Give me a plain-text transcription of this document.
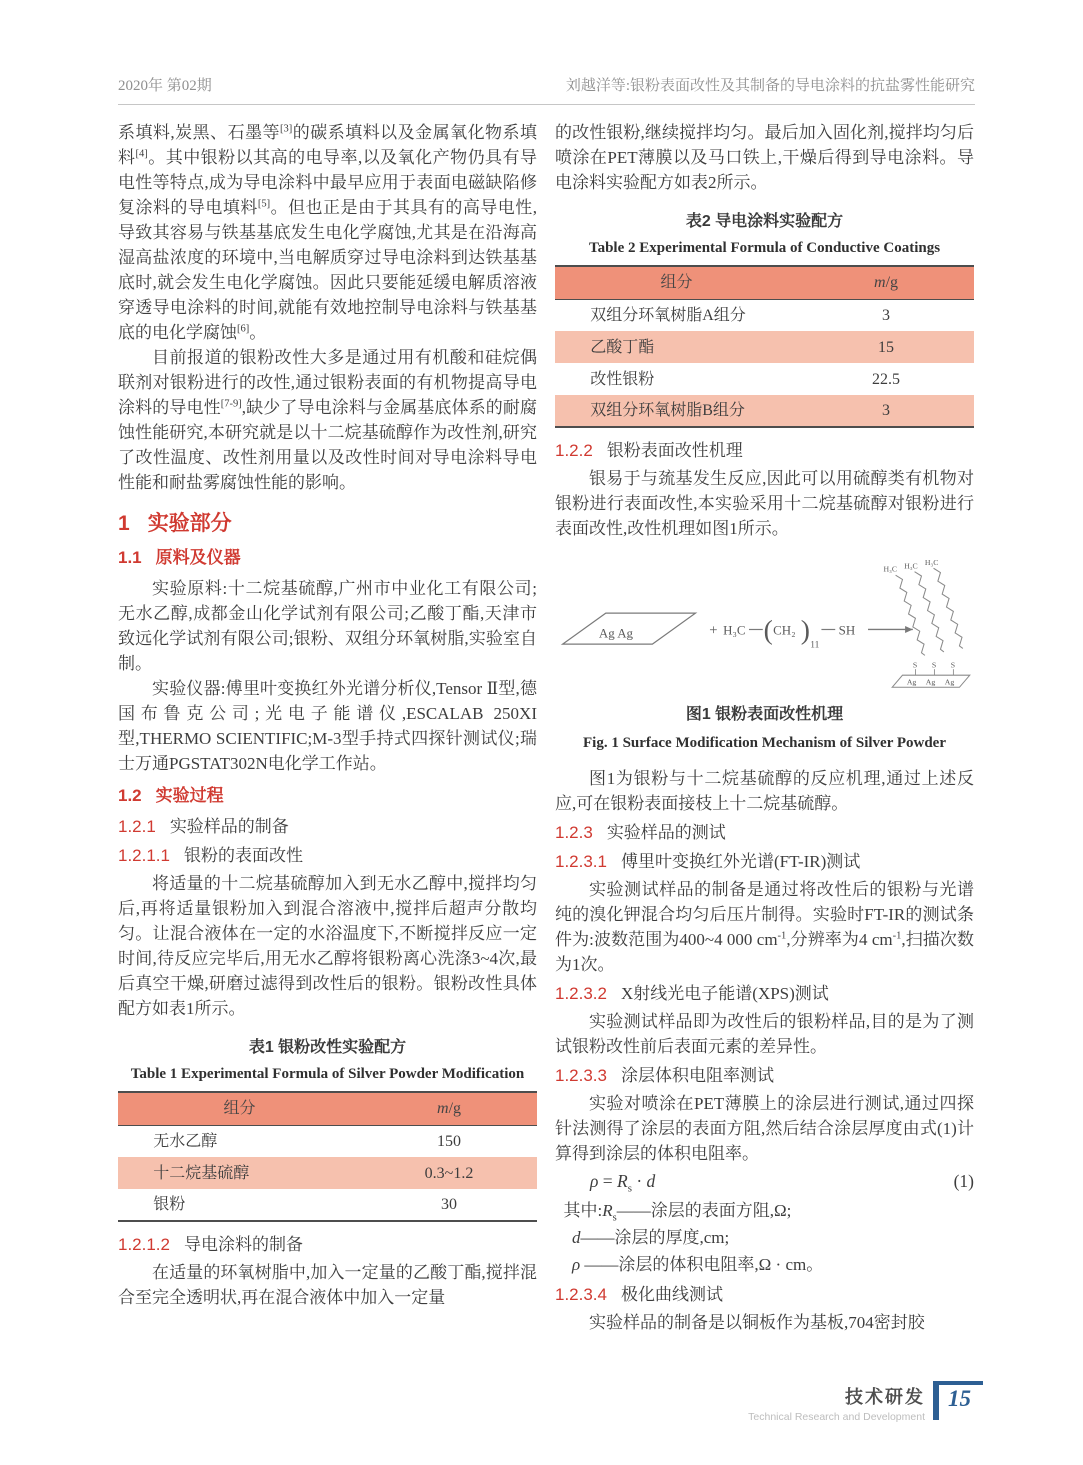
2020年 第02期	刘越洋等:银粉表面改性及其制备的导电涂料的抗盐雾性能研究

系填料,炭黑、石墨等[3]的碳系填料以及金属氧化物系填料[4]。其中银粉以其高的电导率,以及氧化产物仍具有导电性等特点,成为导电涂料中最早应用于表面电磁缺陷修复涂料的导电填料[5]。但也正是由于其具有的高导电性,导致其容易与铁基基底发生电化学腐蚀,尤其是在沿海高湿高盐浓度的环境中,当电解质穿过导电涂料到达铁基基底时,就会发生电化学腐蚀。因此只要能延缓电解质溶液穿透导电涂料的时间,就能有效地控制导电涂料与铁基基底的电化学腐蚀[6]。

目前报道的银粉改性大多是通过用有机酸和硅烷偶联剂对银粉进行的改性,通过银粉表面的有机物提高导电涂料的导电性[7-9],缺少了导电涂料与金属基底体系的耐腐蚀性能研究,本研究就是以十二烷基硫醇作为改性剂,研究了改性温度、改性剂用量以及改性时间对导电涂料导电性能和耐盐雾腐蚀性能的影响。

1 实验部分
1.1 原料及仪器

实验原料:十二烷基硫醇,广州市中业化工有限公司;无水乙醇,成都金山化学试剂有限公司;乙酸丁酯,天津市致远化学试剂有限公司;银粉、双组分环氧树脂,实验室自制。

实验仪器:傅里叶变换红外光谱分析仪,Tensor Ⅱ型,德国布鲁克公司;光电子能谱仪,ESCALAB 250XI型,THERMO SCIENTIFIC;M-3型手持式四探针测试仪;瑞士万通PGSTAT302N电化学工作站。

1.2 实验过程
1.2.1 实验样品的制备
1.2.1.1 银粉的表面改性

将适量的十二烷基硫醇加入到无水乙醇中,搅拌均匀后,再将适量银粉加入到混合溶液中,搅拌后超声分散均匀。让混合液体在一定的水浴温度下,不断搅拌反应一定时间,待反应完毕后,用无水乙醇将银粉离心洗涤3~4次,最后真空干燥,研磨过滤得到改性后的银粉。银粉改性具体配方如表1所示。

表1 银粉改性实验配方
Table 1 Experimental Formula of Silver Powder Modification
组分	m/g
无水乙醇	150
十二烷基硫醇	0.3~1.2
银粉	30
1.2.1.2 导电涂料的制备

在适量的环氧树脂中,加入一定量的乙酸丁酯,搅拌混合至完全透明状,再在混合液体中加入一定量

的改性银粉,继续搅拌均匀。最后加入固化剂,搅拌均匀后喷涂在PET薄膜以及马口铁上,干燥后得到导电涂料。导电涂料实验配方如表2所示。

表2 导电涂料实验配方
Table 2 Experimental Formula of Conductive Coatings
组分	m/g
双组分环氧树脂A组分	3
乙酸丁酯	15
改性银粉	22.5
双组分环氧树脂B组分	3
1.2.2 银粉表面改性机理

银易于与巯基发生反应,因此可以用硫醇类有机物对银粉进行表面改性,本实验采用十二烷基硫醇对银粉进行表面改性,改性机理如图1所示。

Ag Ag	+ H₃C ( CH₂ )
11
SH
H₃C H₃C H₃C
S S S
Ag Ag Ag
图1 银粉表面改性机理
Fig. 1 Surface Modification Mechanism of Silver Powder

图1为银粉与十二烷基硫醇的反应机理,通过上述反应,可在银粉表面接枝上十二烷基硫醇。

1.2.3 实验样品的测试
1.2.3.1 傅里叶变换红外光谱(FT-IR)测试

实验测试样品的制备是通过将改性后的银粉与光谱纯的溴化钾混合均匀后压片制得。实验时FT-IR的测试条件为:波数范围为400~4 000 $cm^{-1}$,分辨率为4 $cm^{-1}$,扫描次数为1次。

1.2.3.2 X射线光电子能谱(XPS)测试

实验测试样品即为改性后的银粉样品,目的是为了测试银粉改性前后表面元素的差异性。

1.2.3.3 涂层体积电阻率测试

实验对喷涂在PET薄膜上的涂层进行测试,通过四探针法测得了涂层的表面方阻,然后结合涂层厚度由式(1)计算得到涂层的体积电阻率。

$\rho = R_s \cdot d$	(1)

其中$:R_s——$涂层的表面方阻,Ω;

d——涂层的厚度,cm;

ρ ——涂层的体积电阻率,Ω · cm。

1.2.3.4 极化曲线测试

实验样品的制备是以铜板作为基板,704密封胶

技术研发
Technical Research and Development
15
